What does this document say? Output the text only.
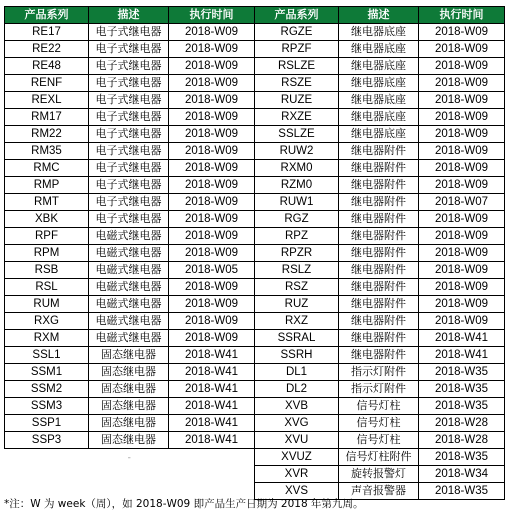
产品系列	描述	执行时间	产品系列	描述	执行时间
RE17	电子式继电器	2018-W09	RGZE	继电器底座	2018-W09
RE22	电子式继电器	2018-W09	RPZF	继电器底座	2018-W09
RE48	电子式继电器	2018-W09	RSLZE	继电器底座	2018-W09
RENF	电子式继电器	2018-W09	RSZE	继电器底座	2018-W09
REXL	电子式继电器	2018-W09	RUZE	继电器底座	2018-W09
RM17	电子式继电器	2018-W09	RXZE	继电器底座	2018-W09
RM22	电子式继电器	2018-W09	SSLZE	继电器底座	2018-W09
RM35	电子式继电器	2018-W09	RUW2	继电器附件	2018-W09
RMC	电子式继电器	2018-W09	RXM0	继电器附件	2018-W09
RMP	电子式继电器	2018-W09	RZM0	继电器附件	2018-W09
RMT	电子式继电器	2018-W09	RUW1	继电器附件	2018-W07
XBK	电子式继电器	2018-W09	RGZ	继电器附件	2018-W09
RPF	电磁式继电器	2018-W09	RPZ	继电器附件	2018-W09
RPM	电磁式继电器	2018-W09	RPZR	继电器附件	2018-W09
RSB	电磁式继电器	2018-W05	RSLZ	继电器附件	2018-W09
RSL	电磁式继电器	2018-W09	RSZ	继电器附件	2018-W09
RUM	电磁式继电器	2018-W09	RUZ	继电器附件	2018-W09
RXG	电磁式继电器	2018-W09	RXZ	继电器附件	2018-W09
RXM	电磁式继电器	2018-W09	SSRAL	继电器附件	2018-W41
SSL1	固态继电器	2018-W41	SSRH	继电器附件	2018-W41
SSM1	固态继电器	2018-W41	DL1	指示灯附件	2018-W35
SSM2	固态继电器	2018-W41	DL2	指示灯附件	2018-W35
SSM3	固态继电器	2018-W41	XVB	信号灯柱	2018-W35
SSP1	固态继电器	2018-W41	XVG	信号灯柱	2018-W28
SSP3	固态继电器	2018-W41	XVU	信号灯柱	2018-W28
-			XVUZ	信号灯柱附件	2018-W35
			XVR	旋转报警灯	2018-W34
			XVS	声音报警器	2018-W35
*注：W 为 week（周），如 2018-W09 即产品生产日期为 2018 年第九周。
